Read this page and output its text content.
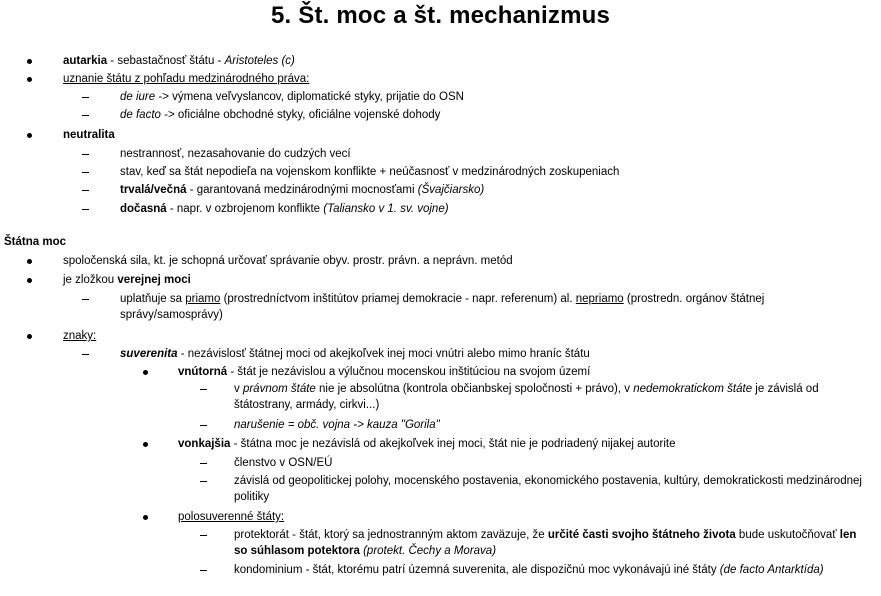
5. Št. moc a št. mechanizmus
autarkia - sebastačnosť štátu - Aristoteles (c)
uznanie štátu z pohľadu medzinárodného práva:
de iure -> výmena veľvyslancov, diplomatické styky, prijatie do OSN
de facto -> oficiálne obchodné styky, oficiálne vojenské dohody
neutralita
nestrannosť, nezasahovanie do cudzých vecí
stav, keď sa štát nepodieľa na vojenskom konflikte + neúčasnosť v medzinárodných zoskupeniach
trvalá/večná - garantovaná medzinárodnými mocnosťami (Švajčiarsko)
dočasná - napr. v ozbrojenom konflikte (Taliansko v 1. sv. vojne)
Štátna moc
spoločenská sila, kt. je schopná určovať správanie obyv. prostr. právn. a neprávn. metód
je zložkou verejnej moci
uplatňuje sa priamo (prostredníctvom inštitútov priamej demokracie - napr. referenum) al. nepriamo (prostredn. orgánov štátnej správy/samosprávy)
znaky:
suverenita - nezávislosť štátnej moci od akejkoľvek inej moci vnútri alebo mimo hraníc štátu
vnútorná - štát je nezávislou a výlučnou mocenskou inštitúciou na svojom území
v právnom štáte nie je absolútna (kontrola občianbskej spoločnosti + právo), v nedemokratickom štáte je závislá od štátostrany, armády, cirkvi...)
narušenie = obč. vojna -> kauza "Gorila"
vonkajšia - štátna moc je nezávislá od akejkoľvek inej moci, štát nie je podriadený nijakej autorite
členstvo v OSN/EÚ
závislá od geopolitickej polohy, mocenského postavenia, ekonomického postavenia, kultúry, demokratickosti medzinárodnej politiky
polosuverenné štáty:
protektorát - štát, ktorý sa jednostranným aktom zaväzuje, že určité časti svojho štátneho života bude uskutočňovať len so súhlasom potektora (protekt. Čechy a Morava)
kondominium - štát, ktorému patrí územná suverenita, ale dispozičnú moc vykonávajú iné štáty (de facto Antarktída)
